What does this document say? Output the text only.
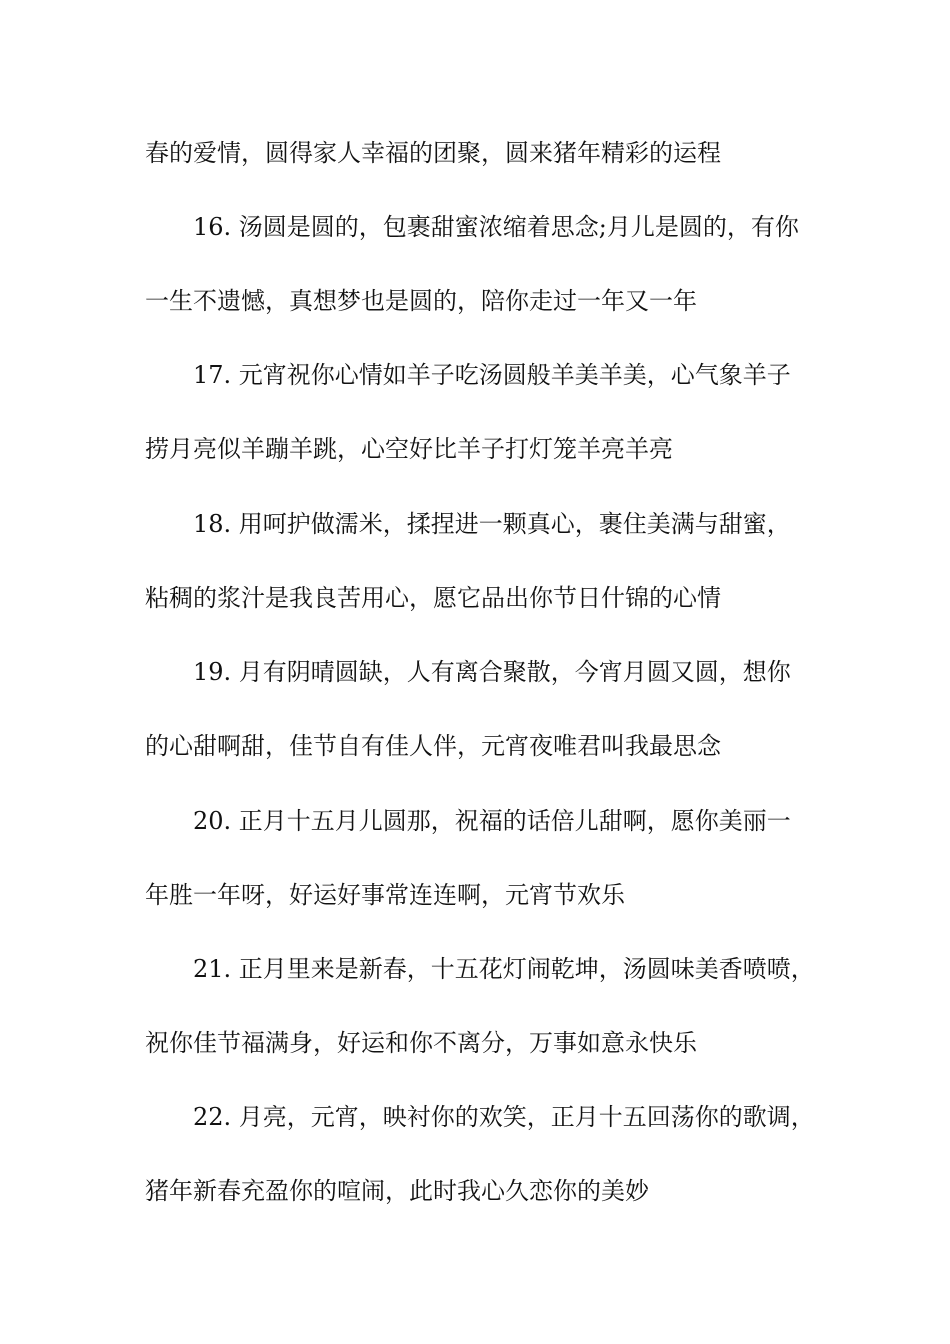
春的爱情，圆得家人幸福的团聚，圆来猪年精彩的运程
16. 汤圆是圆的，包裹甜蜜浓缩着思念;月儿是圆的，有你
一生不遗憾，真想梦也是圆的，陪你走过一年又一年
17. 元宵祝你心情如羊子吃汤圆般羊美羊美，心气象羊子
捞月亮似羊蹦羊跳，心空好比羊子打灯笼羊亮羊亮
18. 用呵护做濡米，揉捏进一颗真心，裹住美满与甜蜜，
粘稠的浆汁是我良苦用心，愿它品出你节日什锦的心情
19. 月有阴晴圆缺，人有离合聚散，今宵月圆又圆，想你
的心甜啊甜，佳节自有佳人伴，元宵夜唯君叫我最思念
20. 正月十五月儿圆那，祝福的话倍儿甜啊，愿你美丽一
年胜一年呀，好运好事常连连啊，元宵节欢乐
21. 正月里来是新春，十五花灯闹乾坤，汤圆味美香喷喷，
祝你佳节福满身，好运和你不离分，万事如意永快乐
22. 月亮，元宵，映衬你的欢笑，正月十五回荡你的歌调，
猪年新春充盈你的喧闹，此时我心久恋你的美妙
